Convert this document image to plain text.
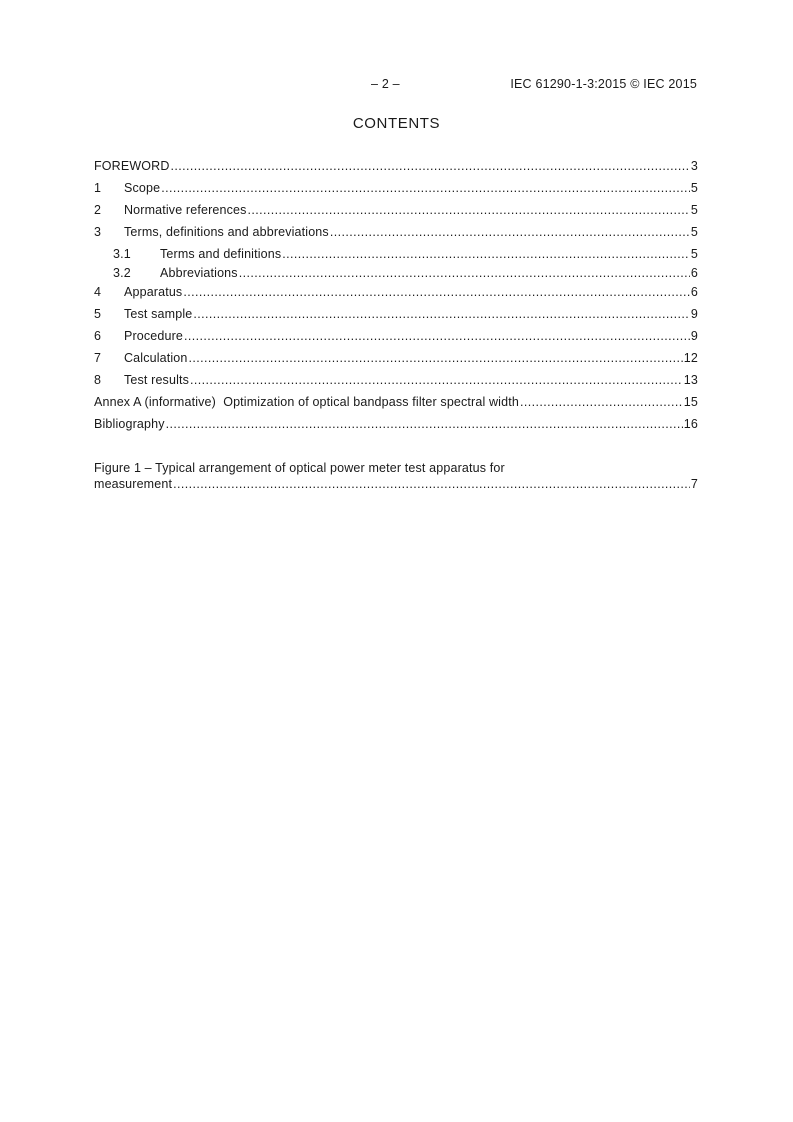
– 2 –	IEC 61290-1-3:2015 © IEC 2015
CONTENTS
FOREWORD .....	3
1	Scope .....	5
2	Normative references .....	5
3	Terms, definitions and abbreviations .....	5
3.1	Terms and definitions .....	5
3.2	Abbreviations .....	6
4	Apparatus .....	6
5	Test sample .....	9
6	Procedure .....	9
7	Calculation .....	12
8	Test results .....	13
Annex A (informative)  Optimization of optical bandpass filter spectral width .....	15
Bibliography .....	16
Figure 1 – Typical arrangement of optical power meter test apparatus for
measurement .....	7
